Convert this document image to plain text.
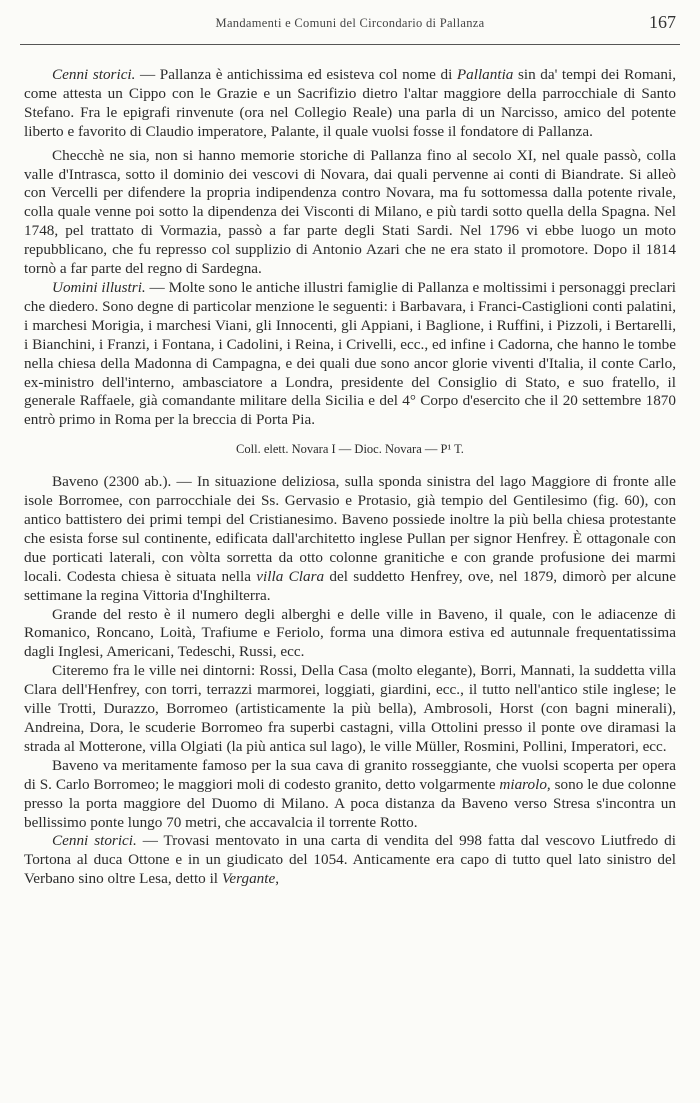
Mandamenti e Comuni del Circondario di Pallanza	167

Cenni storici. — Pallanza è antichissima ed esisteva col nome di Pallantia sin da' tempi dei Romani, come attesta un Cippo con le Grazie e un Sacrifizio dietro l'altar maggiore della parrocchiale di Santo Stefano. Fra le epigrafi rinvenute (ora nel Collegio Reale) una parla di un Narcisso, amico del potente liberto e favorito di Claudio imperatore, Palante, il quale vuolsi fosse il fondatore di Pallanza.

Checchè ne sia, non si hanno memorie storiche di Pallanza fino al secolo XI, nel quale passò, colla valle d'Intrasca, sotto il dominio dei vescovi di Novara, dai quali pervenne ai conti di Biandrate. Si alleò con Vercelli per difendere la propria indipendenza contro Novara, ma fu sottomessa dalla potente rivale, colla quale venne poi sotto la dipendenza dei Visconti di Milano, e più tardi sotto quella della Spagna. Nel 1748, pel trattato di Vormazia, passò a far parte degli Stati Sardi. Nel 1796 vi ebbe luogo un moto repubblicano, che fu represso col supplizio di Antonio Azari che ne era stato il promotore. Dopo il 1814 tornò a far parte del regno di Sardegna.

Uomini illustri. — Molte sono le antiche illustri famiglie di Pallanza e moltissimi i personaggi preclari che diedero. Sono degne di particolar menzione le seguenti: i Barbavara, i Franci-Castiglioni conti palatini, i marchesi Morigia, i marchesi Viani, gli Innocenti, gli Appiani, i Baglione, i Ruffini, i Pizzoli, i Bertarelli, i Bianchini, i Franzi, i Fontana, i Cadolini, i Reina, i Crivelli, ecc., ed infine i Cadorna, che hanno le tombe nella chiesa della Madonna di Campagna, e dei quali due sono ancor glorie viventi d'Italia, il conte Carlo, ex-ministro dell'interno, ambasciatore a Londra, presidente del Consiglio di Stato, e suo fratello, il generale Raffaele, già comandante militare della Sicilia e del 4° Corpo d'esercito che il 20 settembre 1870 entrò primo in Roma per la breccia di Porta Pia.

Coll. elett. Novara I — Dioc. Novara — P¹ T.

Baveno (2300 ab.). — In situazione deliziosa, sulla sponda sinistra del lago Maggiore di fronte alle isole Borromee, con parrocchiale dei Ss. Gervasio e Protasio, già tempio del Gentilesimo (fig. 60), con antico battistero dei primi tempi del Cristianesimo. Baveno possiede inoltre la più bella chiesa protestante che esista forse sul continente, edificata dall'architetto inglese Pullan per signor Henfrey. È ottagonale con due porticati laterali, con vòlta sorretta da otto colonne granitiche e con grande profusione dei marmi locali. Codesta chiesa è situata nella villa Clara del suddetto Henfrey, ove, nel 1879, dimorò per alcune settimane la regina Vittoria d'Inghilterra.

Grande del resto è il numero degli alberghi e delle ville in Baveno, il quale, con le adiacenze di Romanico, Roncano, Loità, Trafiume e Feriolo, forma una dimora estiva ed autunnale frequentatissima dagli Inglesi, Americani, Tedeschi, Russi, ecc.

Citeremo fra le ville nei dintorni: Rossi, Della Casa (molto elegante), Borri, Mannati, la suddetta villa Clara dell'Henfrey, con torri, terrazzi marmorei, loggiati, giardini, ecc., il tutto nell'antico stile inglese; le ville Trotti, Durazzo, Borromeo (artisticamente la più bella), Ambrosoli, Horst (con bagni minerali), Andreina, Dora, le scuderie Borromeo fra superbi castagni, villa Ottolini presso il ponte ove diramasi la strada al Motterone, villa Olgiati (la più antica sul lago), le ville Müller, Rosmini, Pollini, Imperatori, ecc.

Baveno va meritamente famoso per la sua cava di granito rosseggiante, che vuolsi scoperta per opera di S. Carlo Borromeo; le maggiori moli di codesto granito, detto volgarmente miarolo, sono le due colonne presso la porta maggiore del Duomo di Milano. A poca distanza da Baveno verso Stresa s'incontra un bellissimo ponte lungo 70 metri, che accavalcia il torrente Rotto.

Cenni storici. — Trovasi mentovato in una carta di vendita del 998 fatta dal vescovo Liutfredo di Tortona al duca Ottone e in un giudicato del 1054. Anticamente era capo di tutto quel lato sinistro del Verbano sino oltre Lesa, detto il Vergante,
